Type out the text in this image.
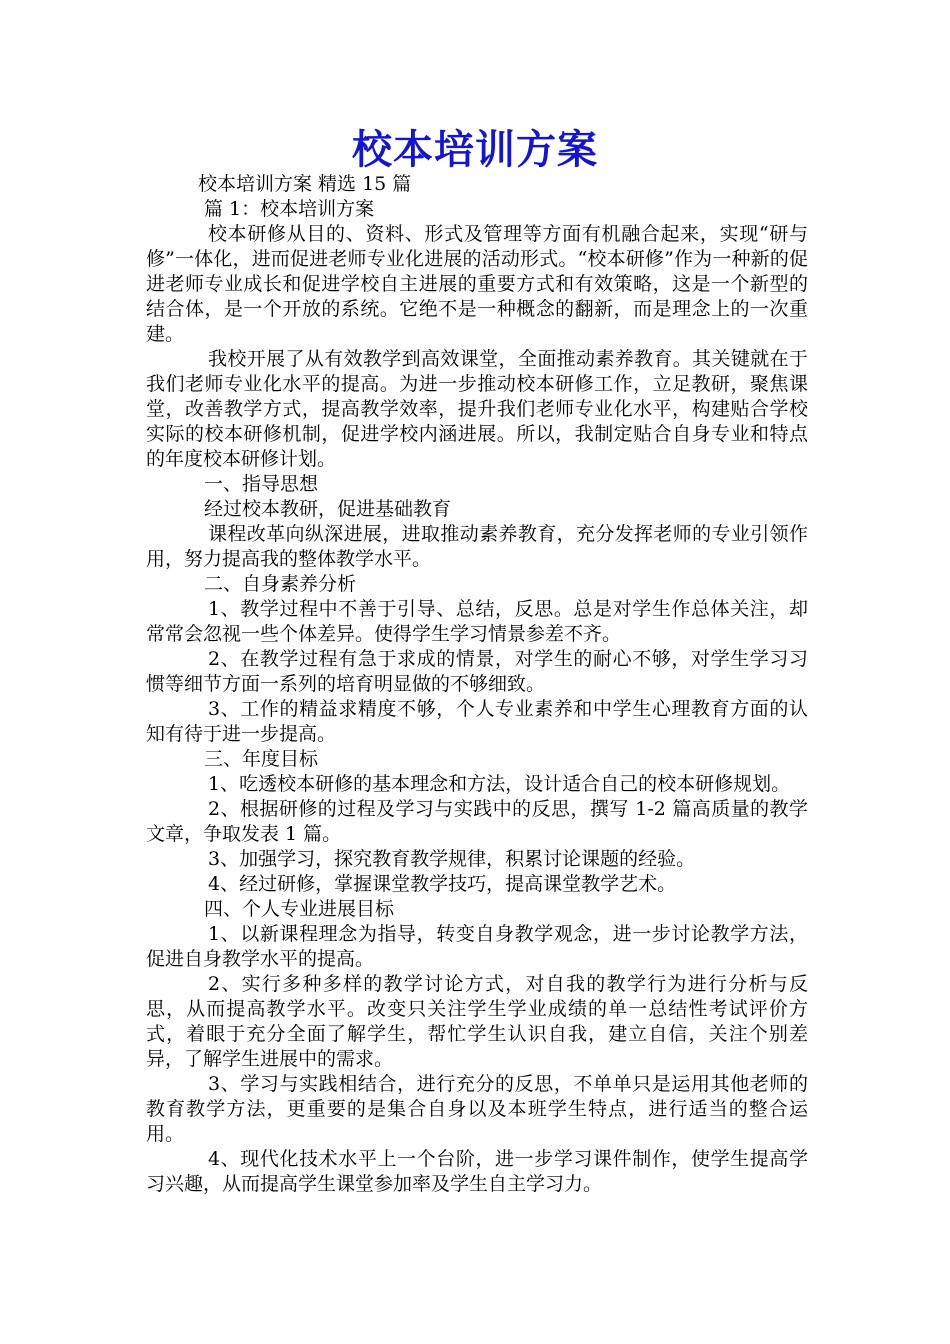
校本培训方案

校本培训方案 精选 15 篇

篇 1：校本培训方案

校本研修从目的、资料、形式及管理等方面有机融合起来，实现“研与修”一体化，进而促进老师专业化进展的活动形式。“校本研修”作为一种新的促进老师专业成长和促进学校自主进展的重要方式和有效策略，这是一个新型的结合体，是一个开放的系统。它绝不是一种概念的翻新，而是理念上的一次重建。

我校开展了从有效教学到高效课堂，全面推动素养教育。其关键就在于我们老师专业化水平的提高。为进一步推动校本研修工作，立足教研，聚焦课堂，改善教学方式，提高教学效率，提升我们老师专业化水平，构建贴合学校实际的校本研修机制，促进学校内涵进展。所以，我制定贴合自身专业和特点的年度校本研修计划。

一、指导思想

经过校本教研，促进基础教育

课程改革向纵深进展，进取推动素养教育，充分发挥老师的专业引领作用，努力提高我的整体教学水平。

二、自身素养分析

1、教学过程中不善于引导、总结，反思。总是对学生作总体关注，却常常会忽视一些个体差异。使得学生学习情景参差不齐。

2、在教学过程有急于求成的情景，对学生的耐心不够，对学生学习习惯等细节方面一系列的培育明显做的不够细致。

3、工作的精益求精度不够，个人专业素养和中学生心理教育方面的认知有待于进一步提高。

三、年度目标

1、吃透校本研修的基本理念和方法，设计适合自己的校本研修规划。

2、根据研修的过程及学习与实践中的反思，撰写 1-2 篇高质量的教学文章，争取发表 1 篇。

3、加强学习，探究教育教学规律，积累讨论课题的经验。

4、经过研修，掌握课堂教学技巧，提高课堂教学艺术。

四、个人专业进展目标

1、以新课程理念为指导，转变自身教学观念，进一步讨论教学方法，促进自身教学水平的提高。

2、实行多种多样的教学讨论方式，对自我的教学行为进行分析与反思，从而提高教学水平。改变只关注学生学业成绩的单一总结性考试评价方式，着眼于充分全面了解学生，帮忙学生认识自我，建立自信，关注个别差异，了解学生进展中的需求。

3、学习与实践相结合，进行充分的反思，不单单只是运用其他老师的教育教学方法，更重要的是集合自身以及本班学生特点，进行适当的整合运用。

4、现代化技术水平上一个台阶，进一步学习课件制作，使学生提高学习兴趣，从而提高学生课堂参加率及学生自主学习力。
